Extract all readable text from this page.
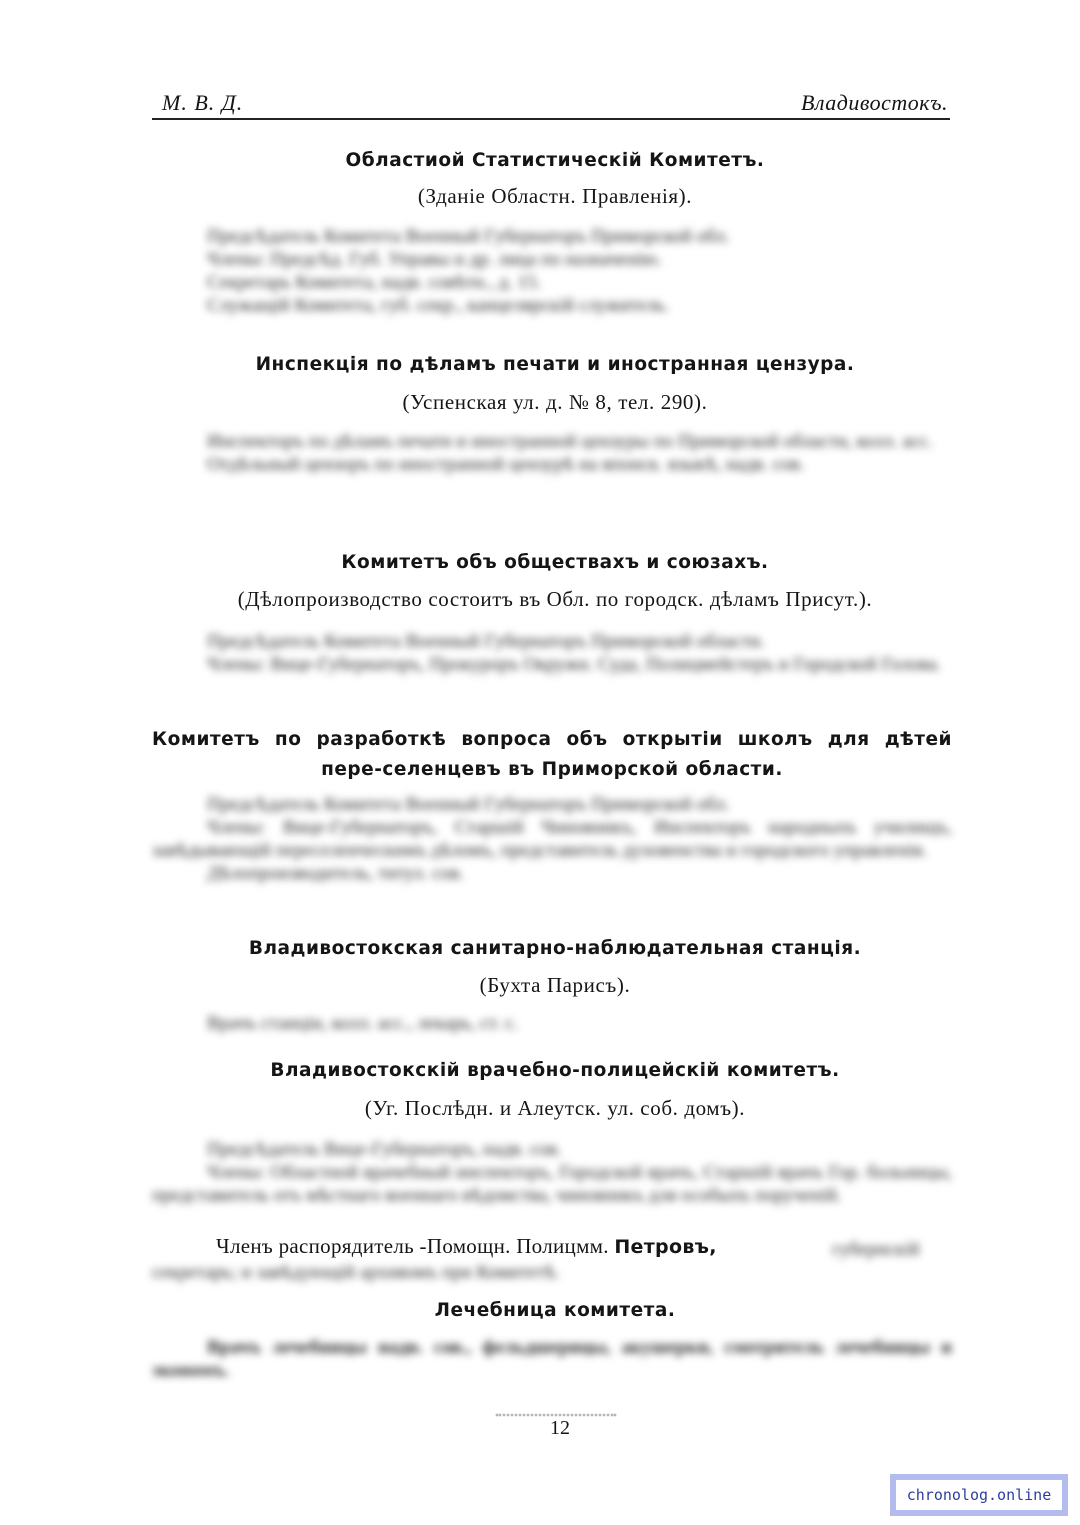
М. В. Д.	Владивостокъ.
Областиой Статистическій Комитетъ.
(Зданіе Областн. Правленія).

Предсѣдатель Комитета Военный Губернаторъ Приморской обл.

Члены: Предсѣд. Губ. Управы и др. лица по назначенію.

Секретарь Комитета, надв. совѣтн., д. 15.

Служащій Комитета, губ. секр., канцелярскій служитель.

Инспекція по дѣламъ печати и иностранная цензура.
(Успенская ул. д. № 8, тел. 290).

Инспекторъ по дѣламъ печати и иностранной цензуры по Приморской области, колл. асс.

Отдѣльный цензоръ по иностранной цензурѣ на японск. языкѣ, надв. сов.

Комитетъ объ обществахъ и союзахъ.
(Дѣлопроизводство состоитъ въ Обл. по городск. дѣламъ Присут.).

Предсѣдатель Комитета Военный Губернаторъ Приморской области.

Члены: Вице-Губернаторъ, Прокуроръ Окружн. Суда, Полицмейстеръ и Городской Голова.

Комитетъ по разработкѣ вопроса объ открытіи школъ для дѣтей пере-селенцевъ въ Приморской области.

Предсѣдатель Комитета Военный Губернаторъ Приморской обл.

Члены: Вице-Губернаторъ, Старшій Чиновникъ, Инспекторъ народныхъ училищъ, завѣдывающій переселенческимъ дѣломъ, представитель духовенства и городского управленія.

Дѣлопроизводитель, титул. сов.

Владивостокская санитарно-наблюдательная станція.
(Бухта Парисъ).

Врачъ станціи, колл. асс., лекарь, ст. с.

Владивостокскій врачебно-полицейскій комитетъ.
(Уг. Послѣдн. и Алеутск. ул. соб. домъ).

Предсѣдатель Вице-Губернаторъ, надв. сов.

Члены: Областной врачебный инспекторъ, Городской врачъ, Старшій врачъ Гор. больницы, представитель отъ мѣстнаго военнаго вѣдомства, чиновникъ для особыхъ порученій.

Членъ распорядитель -Помощн. Полицмм. Петровъ,	губернскій секретарь; и завѣдующій архивомъ при Комитетѣ.

Лечебница комитета.

Врачъ лечебницы надв. сов., фельдшерицы, акушерки, смотритель лечебницы и экономъ.

12
chronolog.online
